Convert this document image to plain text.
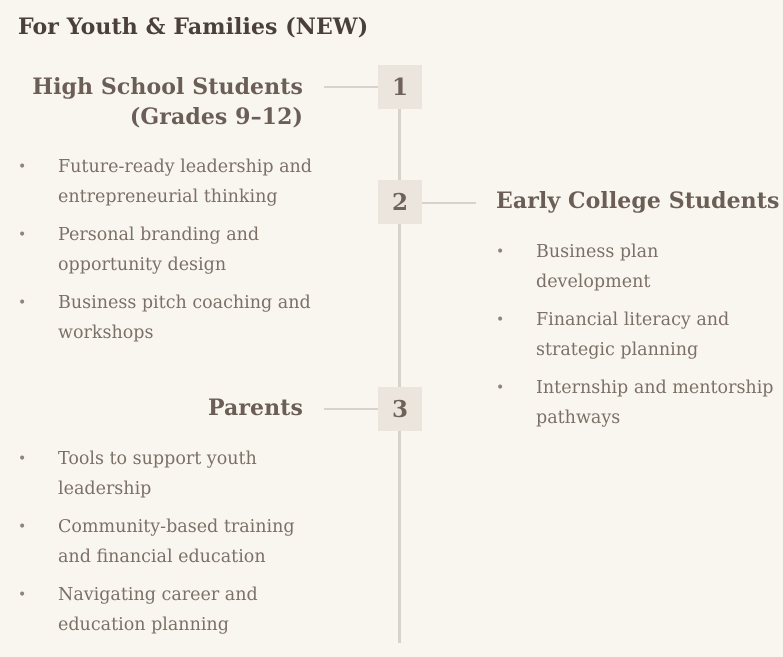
For Youth & Families (NEW)
1
High School Students
(Grades 9–12)
• Future-ready leadership and entrepreneurial thinking
• Personal branding and opportunity design
• Business pitch coaching and workshops
2	Early College Students
• Business plan development
• Financial literacy and strategic planning
• Internship and mentorship pathways
3
Parents
• Tools to support youth leadership
• Community-based training and financial education
• Navigating career and education planning
